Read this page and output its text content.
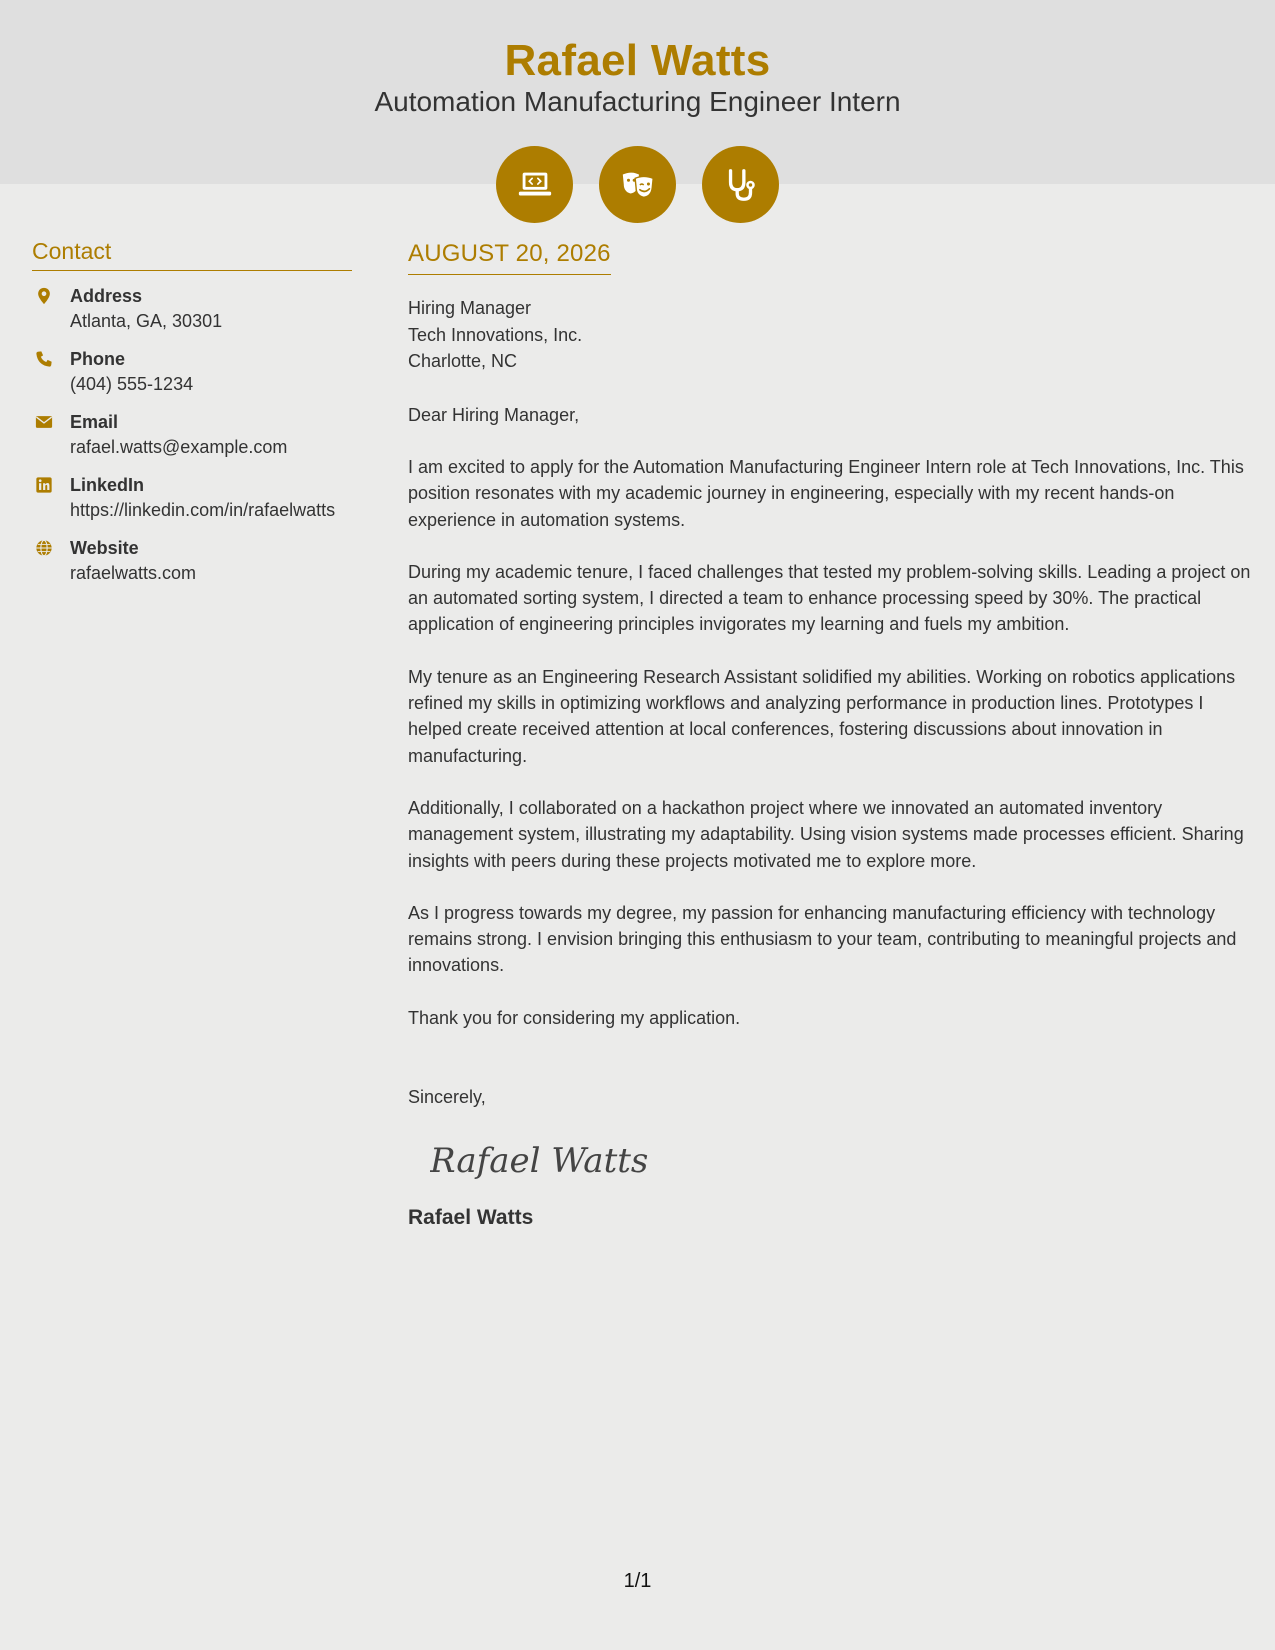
Rafael Watts
Automation Manufacturing Engineer Intern
Contact
Address
Atlanta, GA, 30301
Phone
(404) 555-1234
Email
rafael.watts@example.com
LinkedIn
https://linkedin.com/in/rafaelwatts
Website
rafaelwatts.com
AUGUST 20, 2026
Hiring Manager
Tech Innovations, Inc.
Charlotte, NC
Dear Hiring Manager,
I am excited to apply for the Automation Manufacturing Engineer Intern role at Tech Innovations, Inc. This position resonates with my academic journey in engineering, especially with my recent hands-on experience in automation systems.
During my academic tenure, I faced challenges that tested my problem-solving skills. Leading a project on an automated sorting system, I directed a team to enhance processing speed by 30%. The practical application of engineering principles invigorates my learning and fuels my ambition.
My tenure as an Engineering Research Assistant solidified my abilities. Working on robotics applications refined my skills in optimizing workflows and analyzing performance in production lines. Prototypes I helped create received attention at local conferences, fostering discussions about innovation in manufacturing.
Additionally, I collaborated on a hackathon project where we innovated an automated inventory management system, illustrating my adaptability. Using vision systems made processes efficient. Sharing insights with peers during these projects motivated me to explore more.
As I progress towards my degree, my passion for enhancing manufacturing efficiency with technology remains strong. I envision bringing this enthusiasm to your team, contributing to meaningful projects and innovations.
Thank you for considering my application.
Sincerely,
Rafael Watts
Rafael Watts
1/1
